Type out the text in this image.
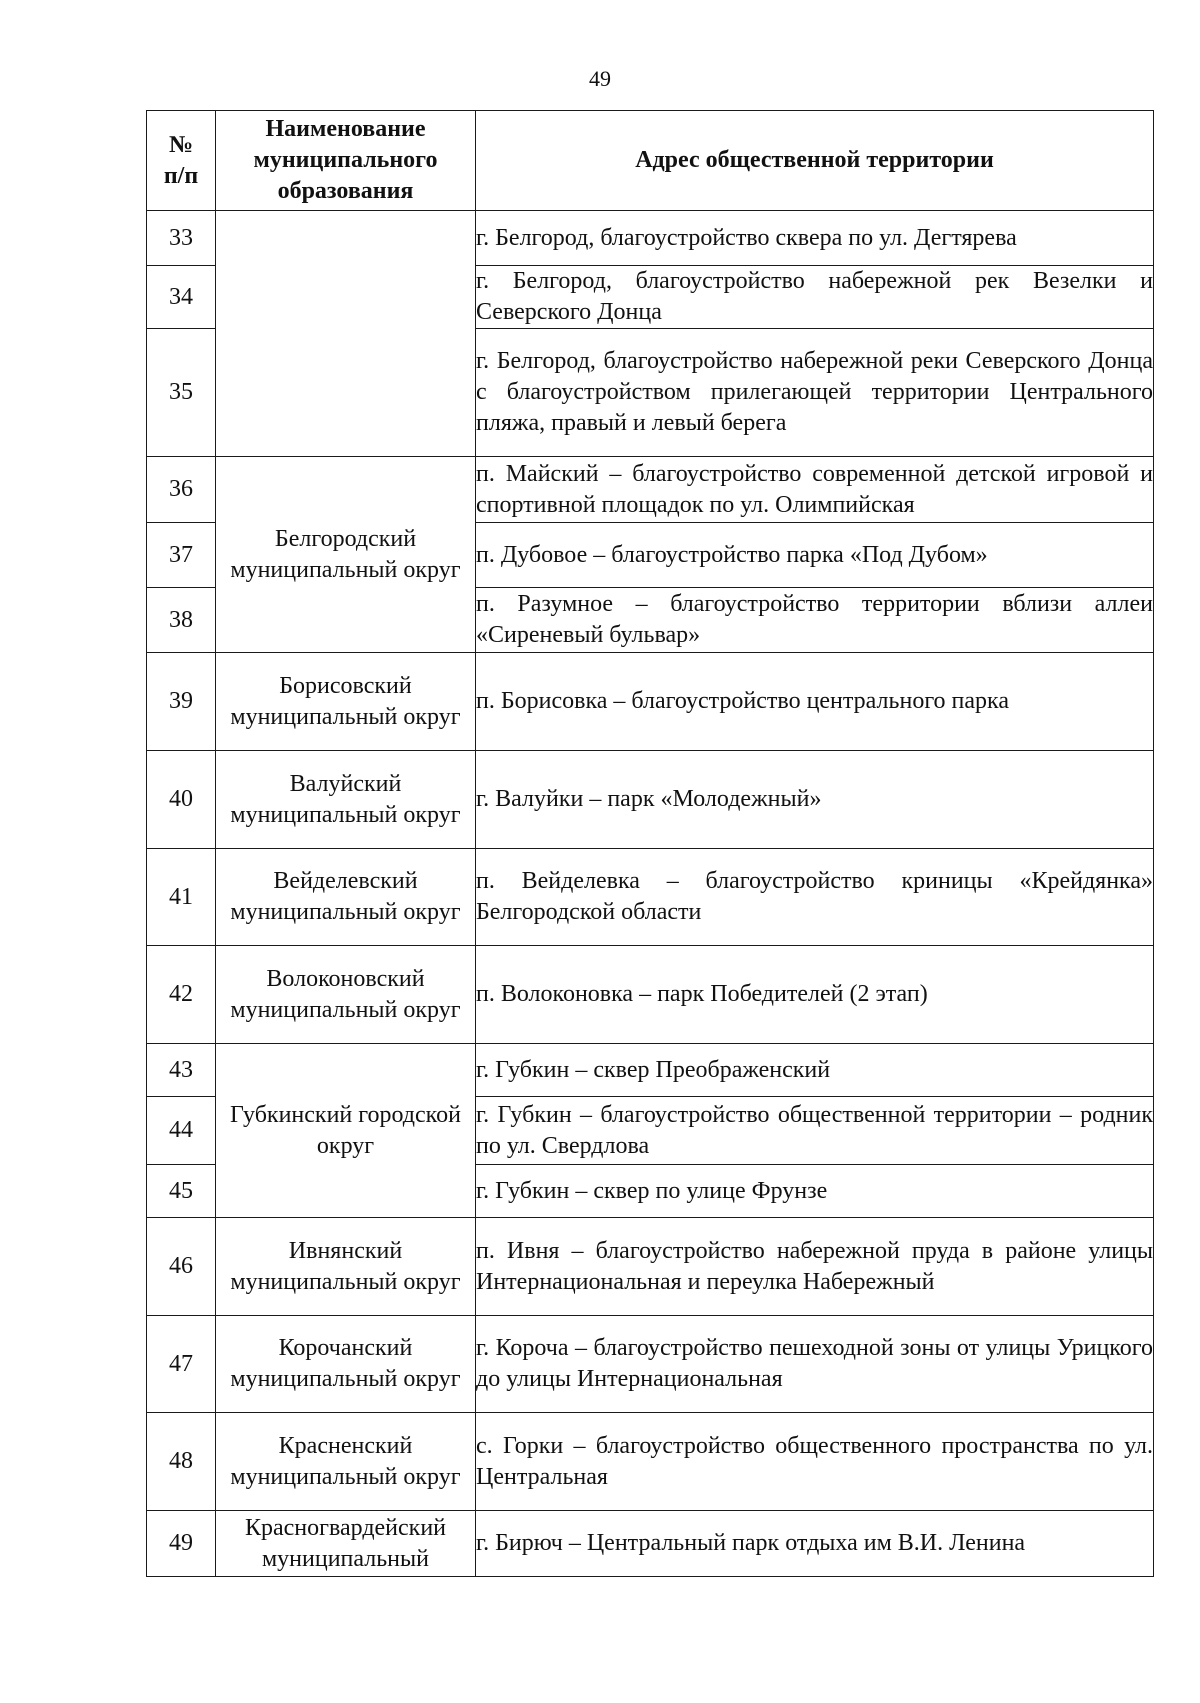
49
№ п/п	Наименование муниципального образования	Адрес общественной территории
33		г. Белгород, благоустройство сквера по ул. Дегтярева
34		г. Белгород, благоустройство набережной рек Везелки и Северского Донца
35		г. Белгород, благоустройство набережной реки Северского Донца с благоустройством прилегающей территории Центрального пляжа, правый и левый берега
36	Белгородский муниципальный округ	п. Майский – благоустройство современной детской игровой и спортивной площадок по ул. Олимпийская
37		п. Дубовое – благоустройство парка «Под Дубом»
38		п. Разумное – благоустройство территории вблизи аллеи «Сиреневый бульвар»
39	Борисовский муниципальный округ	п. Борисовка – благоустройство центрального парка
40	Валуйский муниципальный округ	г. Валуйки – парк «Молодежный»
41	Вейделевский муниципальный округ	п. Вейделевка – благоустройство криницы «Крейдянка» Белгородской области
42	Волоконовский муниципальный округ	п. Волоконовка – парк Победителей (2 этап)
43	Губкинский городской округ	г. Губкин – сквер Преображенский
44		г. Губкин – благоустройство общественной территории – родник по ул. Свердлова
45		г. Губкин – сквер по улице Фрунзе
46	Ивнянский муниципальный округ	п. Ивня – благоустройство набережной пруда в районе улицы Интернациональная и переулка Набережный
47	Корочанский муниципальный округ	г. Короча – благоустройство пешеходной зоны от улицы Урицкого до улицы Интернациональная
48	Красненский муниципальный округ	с. Горки – благоустройство общественного пространства по ул. Центральная
49	Красногвардейский муниципальный	г. Бирюч – Центральный парк отдыха им В.И. Ленина
